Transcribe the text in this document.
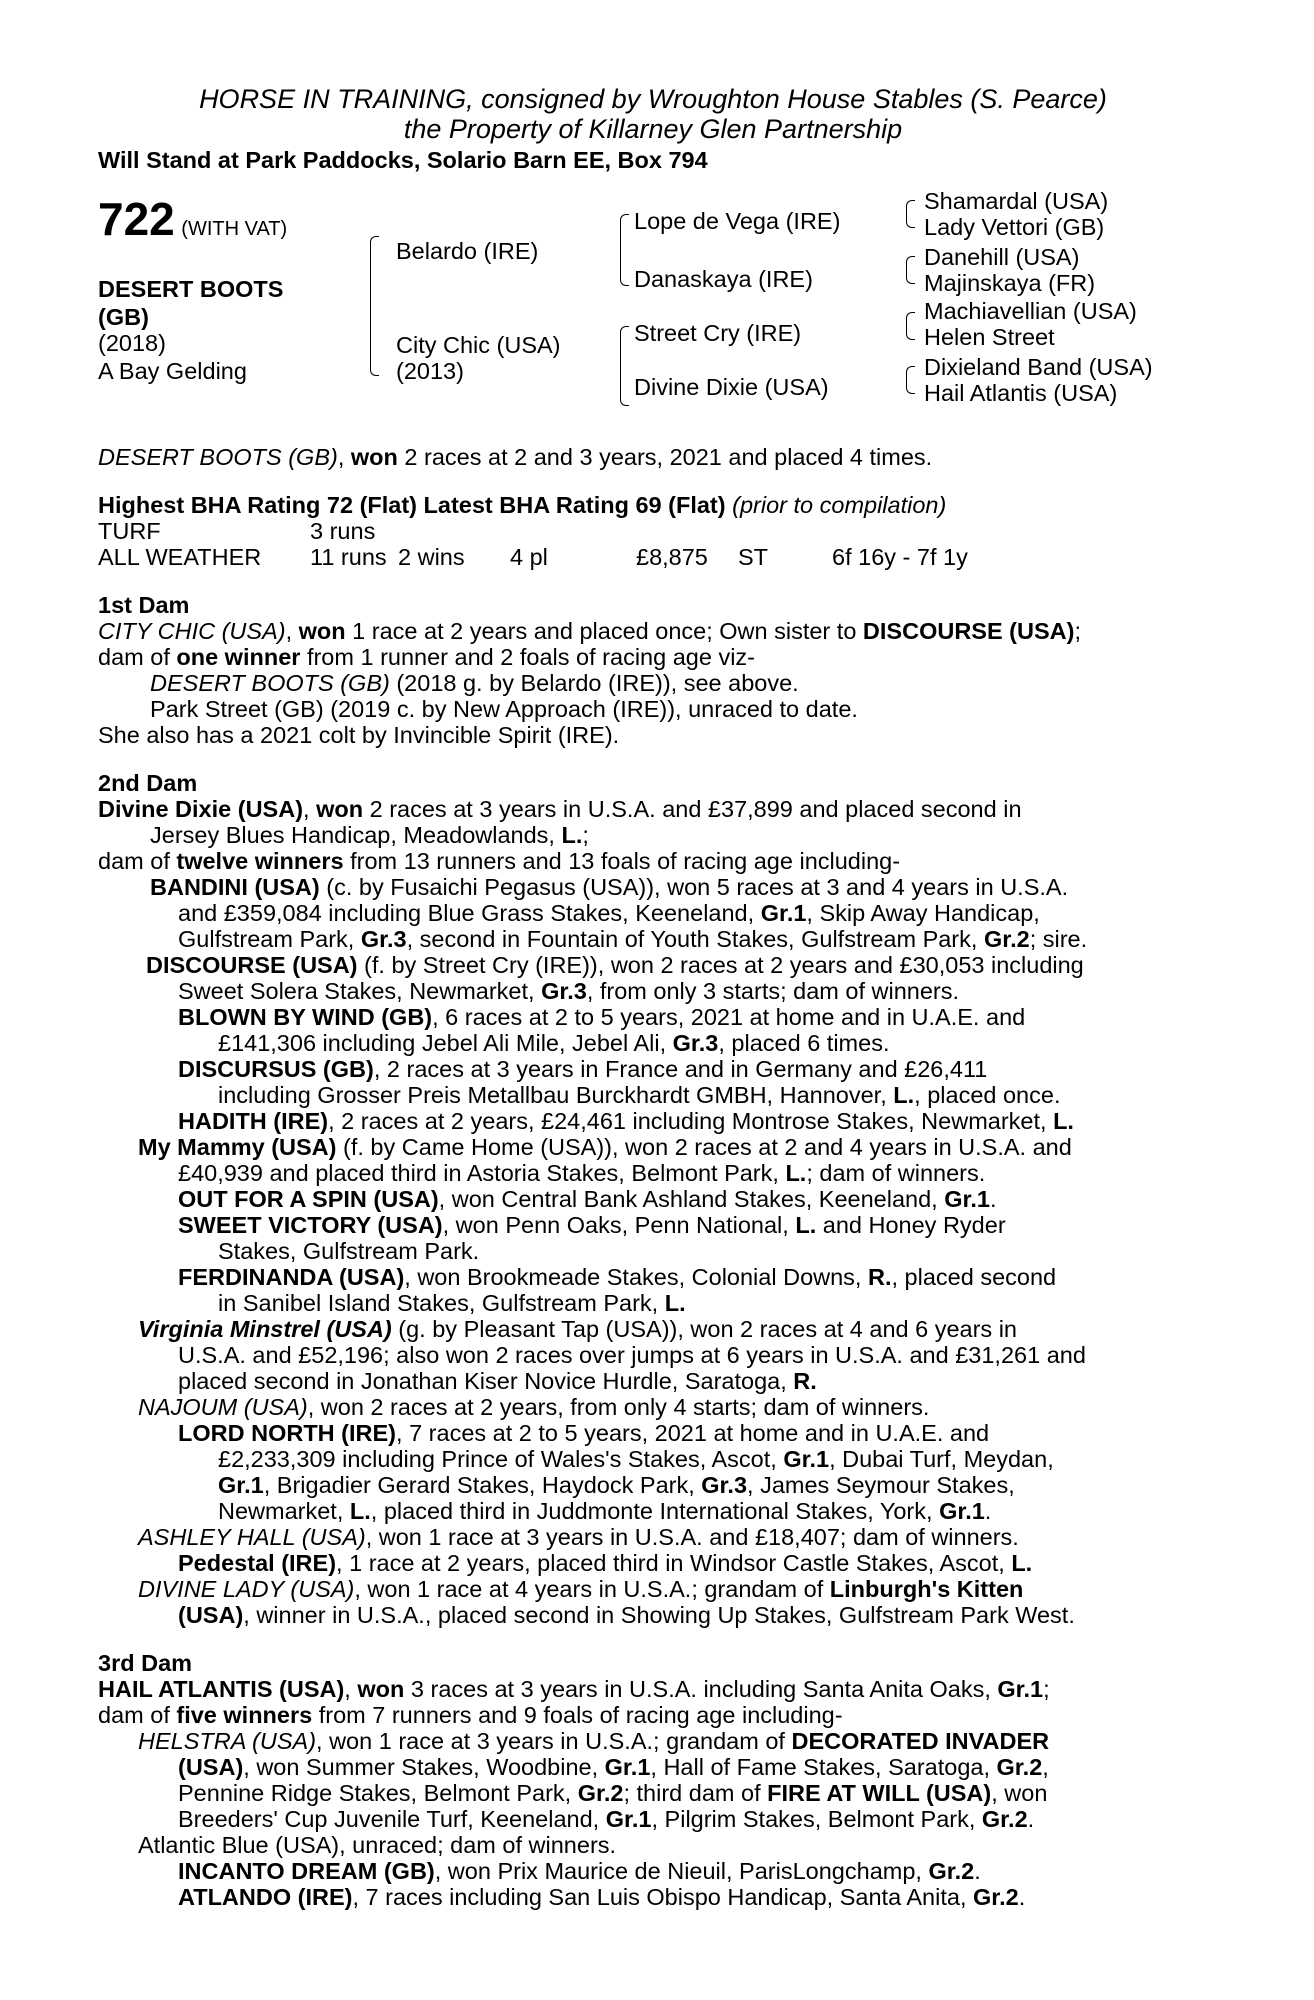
HORSE IN TRAINING, consigned by Wroughton House Stables (S. Pearce)
the Property of Killarney Glen Partnership
Will Stand at Park Paddocks, Solario Barn EE, Box 794
722 (WITH VAT)
DESERT BOOTS
(GB)
(2018)
A Bay Gelding
Belardo (IRE)
City Chic (USA)
(2013)
Lope de Vega (IRE)
Danaskaya (IRE)
Street Cry (IRE)
Divine Dixie (USA)
Shamardal (USA)
Lady Vettori (GB)
Danehill (USA)
Majinskaya (FR)
Machiavellian (USA)
Helen Street
Dixieland Band (USA)
Hail Atlantis (USA)

DESERT BOOTS (GB), won 2 races at 2 and 3 years, 2021 and placed 4 times.

Highest BHA Rating 72 (Flat) Latest BHA Rating 69 (Flat) (prior to compilation)

TURF	3 runs
ALL WEATHER	11 runs 2 wins	4 pl	£8,875	ST	6f 16y - 7f 1y
1st Dam

CITY CHIC (USA), won 1 race at 2 years and placed once; Own sister to DISCOURSE (USA);

dam of one winner from 1 runner and 2 foals of racing age viz-

DESERT BOOTS (GB) (2018 g. by Belardo (IRE)), see above.

Park Street (GB) (2019 c. by New Approach (IRE)), unraced to date.

She also has a 2021 colt by Invincible Spirit (IRE).

2nd Dam

Divine Dixie (USA), won 2 races at 3 years in U.S.A. and £37,899 and placed second in

Jersey Blues Handicap, Meadowlands, L.;

dam of twelve winners from 13 runners and 13 foals of racing age including-

BANDINI (USA) (c. by Fusaichi Pegasus (USA)), won 5 races at 3 and 4 years in U.S.A.

and £359,084 including Blue Grass Stakes, Keeneland, Gr.1, Skip Away Handicap,

Gulfstream Park, Gr.3, second in Fountain of Youth Stakes, Gulfstream Park, Gr.2; sire.

DISCOURSE (USA) (f. by Street Cry (IRE)), won 2 races at 2 years and £30,053 including

Sweet Solera Stakes, Newmarket, Gr.3, from only 3 starts; dam of winners.

BLOWN BY WIND (GB), 6 races at 2 to 5 years, 2021 at home and in U.A.E. and

£141,306 including Jebel Ali Mile, Jebel Ali, Gr.3, placed 6 times.

DISCURSUS (GB), 2 races at 3 years in France and in Germany and £26,411

including Grosser Preis Metallbau Burckhardt GMBH, Hannover, L., placed once.

HADITH (IRE), 2 races at 2 years, £24,461 including Montrose Stakes, Newmarket, L.

My Mammy (USA) (f. by Came Home (USA)), won 2 races at 2 and 4 years in U.S.A. and

£40,939 and placed third in Astoria Stakes, Belmont Park, L.; dam of winners.

OUT FOR A SPIN (USA), won Central Bank Ashland Stakes, Keeneland, Gr.1.

SWEET VICTORY (USA), won Penn Oaks, Penn National, L. and Honey Ryder

Stakes, Gulfstream Park.

FERDINANDA (USA), won Brookmeade Stakes, Colonial Downs, R., placed second

in Sanibel Island Stakes, Gulfstream Park, L.

Virginia Minstrel (USA) (g. by Pleasant Tap (USA)), won 2 races at 4 and 6 years in

U.S.A. and £52,196; also won 2 races over jumps at 6 years in U.S.A. and £31,261 and

placed second in Jonathan Kiser Novice Hurdle, Saratoga, R.

NAJOUM (USA), won 2 races at 2 years, from only 4 starts; dam of winners.

LORD NORTH (IRE), 7 races at 2 to 5 years, 2021 at home and in U.A.E. and

£2,233,309 including Prince of Wales's Stakes, Ascot, Gr.1, Dubai Turf, Meydan,

Gr.1, Brigadier Gerard Stakes, Haydock Park, Gr.3, James Seymour Stakes,

Newmarket, L., placed third in Juddmonte International Stakes, York, Gr.1.

ASHLEY HALL (USA), won 1 race at 3 years in U.S.A. and £18,407; dam of winners.

Pedestal (IRE), 1 race at 2 years, placed third in Windsor Castle Stakes, Ascot, L.

DIVINE LADY (USA), won 1 race at 4 years in U.S.A.; grandam of Linburgh's Kitten

(USA), winner in U.S.A., placed second in Showing Up Stakes, Gulfstream Park West.

3rd Dam

HAIL ATLANTIS (USA), won 3 races at 3 years in U.S.A. including Santa Anita Oaks, Gr.1;

dam of five winners from 7 runners and 9 foals of racing age including-

HELSTRA (USA), won 1 race at 3 years in U.S.A.; grandam of DECORATED INVADER

(USA), won Summer Stakes, Woodbine, Gr.1, Hall of Fame Stakes, Saratoga, Gr.2,

Pennine Ridge Stakes, Belmont Park, Gr.2; third dam of FIRE AT WILL (USA), won

Breeders' Cup Juvenile Turf, Keeneland, Gr.1, Pilgrim Stakes, Belmont Park, Gr.2.

Atlantic Blue (USA), unraced; dam of winners.

INCANTO DREAM (GB), won Prix Maurice de Nieuil, ParisLongchamp, Gr.2.

ATLANDO (IRE), 7 races including San Luis Obispo Handicap, Santa Anita, Gr.2.
